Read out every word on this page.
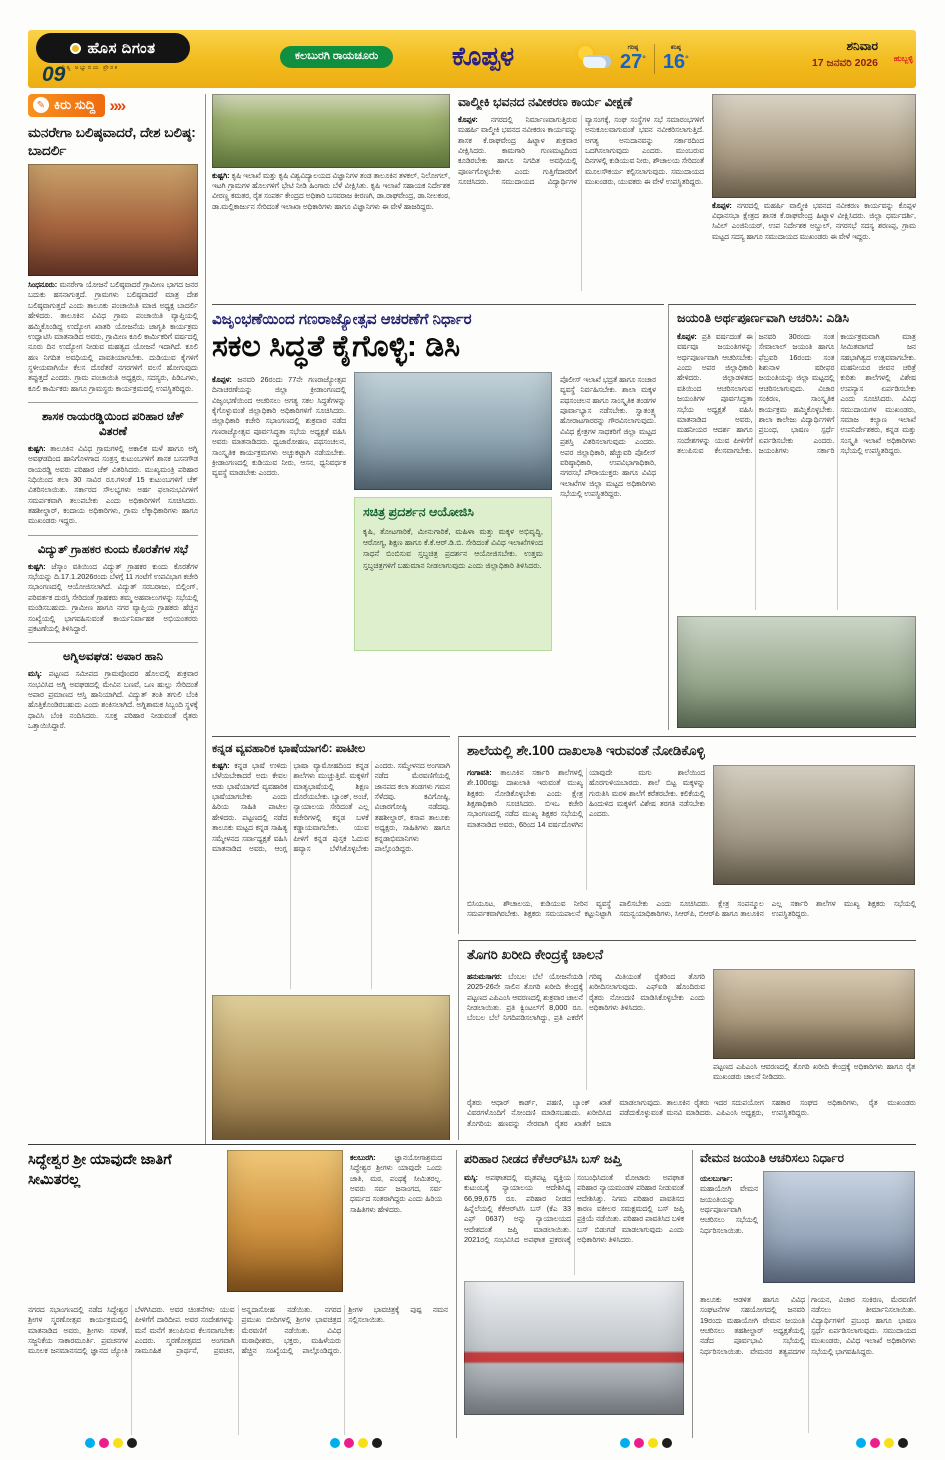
ಹೊಸ ದಿಗಂತ
ನಿತ್ಯ ಅಭ್ಯುದಯ ಪ್ರೇರಕ
09
ಕಲಬುರಗಿ ರಾಯಚೂರು	ಕೊಪ್ಪಳ	ಗರಿಷ್ಠ
27°
ಕನಿಷ್ಠ
16°
ಶನಿವಾರ
17 ಜನವರಿ 2026 ಹುಬ್ಬಳ್ಳಿ
✎ ಕಿರು ಸುದ್ದಿ »»
ಮನರೇಗಾ ಬಲಿಷ್ಠವಾದರೆ, ದೇಶ ಬಲಿಷ್ಠ: ಬಾದರ್ಲಿ

ಸಿಂಧನೂರು: ಮನರೇಗಾ ಯೋಜನೆ ಬಲಿಷ್ಠವಾದರೆ ಗ್ರಾಮೀಣ ಭಾಗದ ಜನರ ಬದುಕು ಹಸನಾಗುತ್ತದೆ. ಗ್ರಾಮಗಳು ಬಲಿಷ್ಠವಾದರೆ ಮಾತ್ರ ದೇಶ ಬಲಿಷ್ಠವಾಗುತ್ತದೆ ಎಂದು ತಾಲೂಕು ಪಂಚಾಯಿತಿ ಮಾಜಿ ಅಧ್ಯಕ್ಷ ಬಾದರ್ಲಿ ಹೇಳಿದರು. ತಾಲೂಕಿನ ವಿವಿಧ ಗ್ರಾಮ ಪಂಚಾಯಿತಿ ವ್ಯಾಪ್ತಿಯಲ್ಲಿ ಹಮ್ಮಿಕೊಂಡಿದ್ದ ಉದ್ಯೋಗ ಖಾತರಿ ಯೋಜನೆಯ ಜಾಗೃತಿ ಕಾರ್ಯಕ್ರಮ ಉದ್ಘಾಟಿಸಿ ಮಾತನಾಡಿದ ಅವರು, ಗ್ರಾಮೀಣ ಕೂಲಿ ಕಾರ್ಮಿಕರಿಗೆ ವರ್ಷದಲ್ಲಿ ನೂರು ದಿನ ಉದ್ಯೋಗ ನೀಡುವ ಮಹತ್ವದ ಯೋಜನೆ ಇದಾಗಿದೆ. ಕೂಲಿ ಹಣ ನಿಗದಿತ ಅವಧಿಯಲ್ಲಿ ಪಾವತಿಯಾಗಬೇಕು. ದುಡಿಯುವ ಕೈಗಳಿಗೆ ಸ್ಥಳೀಯವಾಗಿಯೇ ಕೆಲಸ ದೊರೆತರೆ ನಗರಗಳಿಗೆ ವಲಸೆ ಹೋಗುವುದು ತಪ್ಪುತ್ತದೆ ಎಂದರು. ಗ್ರಾಮ ಪಂಚಾಯಿತಿ ಅಧ್ಯಕ್ಷರು, ಸದಸ್ಯರು, ಪಿಡಿಒಗಳು, ಕೂಲಿ ಕಾರ್ಮಿಕರು ಹಾಗೂ ಗ್ರಾಮಸ್ಥರು ಕಾರ್ಯಕ್ರಮದಲ್ಲಿ ಉಪಸ್ಥಿತರಿದ್ದರು.

ಶಾಸಕ ರಾಯರಡ್ಡಿಯಿಂದ ಪರಿಹಾರ ಚೆಕ್ ವಿತರಣೆ

ಕುಷ್ಟಗಿ: ತಾಲೂಕಿನ ವಿವಿಧ ಗ್ರಾಮಗಳಲ್ಲಿ ಅಕಾಲಿಕ ಮಳೆ ಹಾಗೂ ಅಗ್ನಿ ಅವಘಡದಿಂದ ಹಾನಿಗೊಳಗಾದ ಸಂತ್ರಸ್ತ ಕುಟುಂಬಗಳಿಗೆ ಶಾಸಕ ಬಸನಗೌಡ ರಾಯರಡ್ಡಿ ಅವರು ಪರಿಹಾರ ಚೆಕ್ ವಿತರಿಸಿದರು. ಮುಖ್ಯಮಂತ್ರಿ ಪರಿಹಾರ ನಿಧಿಯಿಂದ ತಲಾ 30 ಸಾವಿರ ರೂ.ಗಳಂತೆ 15 ಕುಟುಂಬಗಳಿಗೆ ಚೆಕ್ ವಿತರಿಸಲಾಯಿತು. ಸರ್ಕಾರದ ಸೌಲಭ್ಯಗಳು ಅರ್ಹ ಫಲಾನುಭವಿಗಳಿಗೆ ಸಮರ್ಪಕವಾಗಿ ತಲುಪಬೇಕು ಎಂದು ಅಧಿಕಾರಿಗಳಿಗೆ ಸೂಚಿಸಿದರು. ತಹಶೀಲ್ದಾರ್, ಕಂದಾಯ ಅಧಿಕಾರಿಗಳು, ಗ್ರಾಮ ಲೆಕ್ಕಾಧಿಕಾರಿಗಳು ಹಾಗೂ ಮುಖಂಡರು ಇದ್ದರು.

ವಿದ್ಯುತ್ ಗ್ರಾಹಕರ ಕುಂದು ಕೊರತೆಗಳ ಸಭೆ

ಕುಷ್ಟಗಿ: ಜೆಸ್ಕಾಂ ವತಿಯಿಂದ ವಿದ್ಯುತ್ ಗ್ರಾಹಕರ ಕುಂದು ಕೊರತೆಗಳ ಸಭೆಯನ್ನು ದಿ.17.1.2026ರಂದು ಬೆಳಗ್ಗೆ 11 ಗಂಟೆಗೆ ಉಪವಿಭಾಗ ಕಚೇರಿ ಸಭಾಂಗಣದಲ್ಲಿ ಆಯೋಜಿಸಲಾಗಿದೆ. ವಿದ್ಯುತ್ ಸರಬರಾಜು, ಬಿಲ್ಲಿಂಗ್, ಪರಿವರ್ತಕ ದುರಸ್ತಿ ಸೇರಿದಂತೆ ಗ್ರಾಹಕರು ತಮ್ಮ ಅಹವಾಲುಗಳನ್ನು ಸಭೆಯಲ್ಲಿ ಮಂಡಿಸಬಹುದು. ಗ್ರಾಮೀಣ ಹಾಗೂ ನಗರ ವ್ಯಾಪ್ತಿಯ ಗ್ರಾಹಕರು ಹೆಚ್ಚಿನ ಸಂಖ್ಯೆಯಲ್ಲಿ ಭಾಗವಹಿಸುವಂತೆ ಕಾರ್ಯನಿರ್ವಾಹಕ ಅಭಿಯಂತರರು ಪ್ರಕಟಣೆಯಲ್ಲಿ ತಿಳಿಸಿದ್ದಾರೆ.

ಅಗ್ನಿಅವಘಡ: ಅಪಾರ ಹಾನಿ

ಮಸ್ಕಿ: ಪಟ್ಟಣದ ಸಮೀಪದ ಗ್ರಾಮವೊಂದರ ಹೊಲದಲ್ಲಿ ಶುಕ್ರವಾರ ಸಂಭವಿಸಿದ ಅಗ್ನಿ ಅವಘಡದಲ್ಲಿ ಮೇವಿನ ಬಣವೆ, ಒಣ ಹುಲ್ಲು ಸೇರಿದಂತೆ ಅಪಾರ ಪ್ರಮಾಣದ ಆಸ್ತಿ ಹಾನಿಯಾಗಿದೆ. ವಿದ್ಯುತ್ ತಂತಿ ತಗುಲಿ ಬೆಂಕಿ ಹೊತ್ತಿಕೊಂಡಿರಬಹುದು ಎಂದು ಶಂಕಿಸಲಾಗಿದೆ. ಅಗ್ನಿಶಾಮಕ ಸಿಬ್ಬಂದಿ ಸ್ಥಳಕ್ಕೆ ಧಾವಿಸಿ ಬೆಂಕಿ ನಂದಿಸಿದರು. ಸೂಕ್ತ ಪರಿಹಾರ ನೀಡುವಂತೆ ರೈತರು ಒತ್ತಾಯಿಸಿದ್ದಾರೆ.

ಕುಷ್ಟಗಿ: ಕೃಷಿ ಇಲಾಖೆ ಮತ್ತು ಕೃಷಿ ವಿಶ್ವವಿದ್ಯಾಲಯದ ವಿಜ್ಞಾನಿಗಳ ತಂಡ ತಾಲೂಕಿನ ತಳಕಲ್, ನಿಲೋಗಲ್, ಇಟಗಿ ಗ್ರಾಮಗಳ ಹೊಲಗಳಿಗೆ ಭೇಟಿ ನೀಡಿ ಹಿಂಗಾರು ಬೆಳೆ ವೀಕ್ಷಿಸಿತು. ಕೃಷಿ ಇಲಾಖೆ ಸಹಾಯಕ ನಿರ್ದೇಶಕ ವೀರಣ್ಣ ಕಮತರ, ರೈತ ಸಂಪರ್ಕ ಕೇಂದ್ರದ ಅಧಿಕಾರಿ ಬಸವರಾಜ ಕೀರಣಗಿ, ಡಾ.ರಾಘವೇಂದ್ರ, ಡಾ.ನೀಲಕಂಠ, ಡಾ.ಮಲ್ಲಿಕಾರ್ಜುನ ಸೇರಿದಂತೆ ಇಲಾಖಾ ಅಧಿಕಾರಿಗಳು ಹಾಗೂ ವಿಜ್ಞಾನಿಗಳು ಈ ವೇಳೆ ಹಾಜರಿದ್ದರು.

ವಾಲ್ಮೀಕಿ ಭವನದ ನವೀಕರಣ ಕಾರ್ಯ ವೀಕ್ಷಣೆ

ಕೊಪ್ಪಳ: ನಗರದಲ್ಲಿ ನಿರ್ಮಾಣವಾಗುತ್ತಿರುವ ಮಹರ್ಷಿ ವಾಲ್ಮೀಕಿ ಭವನದ ನವೀಕರಣ ಕಾರ್ಯವನ್ನು ಶಾಸಕ ಕೆ.ರಾಘವೇಂದ್ರ ಹಿಟ್ನಾಳ ಶುಕ್ರವಾರ ವೀಕ್ಷಿಸಿದರು. ಕಾಮಗಾರಿ ಗುಣಮಟ್ಟದಿಂದ ಕೂಡಿರಬೇಕು ಹಾಗೂ ನಿಗದಿತ ಅವಧಿಯಲ್ಲಿ ಪೂರ್ಣಗೊಳ್ಳಬೇಕು ಎಂದು ಗುತ್ತಿಗೆದಾರರಿಗೆ ಸೂಚಿಸಿದರು. ಸಮುದಾಯದ ವಿದ್ಯಾರ್ಥಿಗಳ ವ್ಯಾಸಂಗಕ್ಕೆ, ಸಂಘ ಸಂಸ್ಥೆಗಳ ಸಭೆ ಸಮಾರಂಭಗಳಿಗೆ ಅನುಕೂಲವಾಗುವಂತೆ ಭವನ ನವೀಕರಿಸಲಾಗುತ್ತಿದೆ. ಅಗತ್ಯ ಅನುದಾನವನ್ನು ಸರ್ಕಾರದಿಂದ ಒದಗಿಸಲಾಗುವುದು ಎಂದರು. ಮುಂಬರುವ ದಿನಗಳಲ್ಲಿ ಕುಡಿಯುವ ನೀರು, ಶೌಚಾಲಯ ಸೇರಿದಂತೆ ಮೂಲಸೌಕರ್ಯ ಕಲ್ಪಿಸಲಾಗುವುದು. ಸಮುದಾಯದ ಮುಖಂಡರು, ಯುವಕರು ಈ ವೇಳೆ ಉಪಸ್ಥಿತರಿದ್ದರು.

ಕೊಪ್ಪಳ: ನಗರದಲ್ಲಿ ಮಹರ್ಷಿ ವಾಲ್ಮೀಕಿ ಭವನದ ನವೀಕರಣ ಕಾರ್ಯವನ್ನು ಕೊಪ್ಪಳ ವಿಧಾನಸಭಾ ಕ್ಷೇತ್ರದ ಶಾಸಕ ಕೆ.ರಾಘವೇಂದ್ರ ಹಿಟ್ನಾಳ ವೀಕ್ಷಿಸಿದರು. ಜಿಲ್ಲಾ ಧರ್ಮದರ್ಶಿ, ಸಿವಿಲ್ ಎಂಜಿನಿಯರ್, ಉಪ ನಿರ್ದೇಶಕ ಅಬ್ದುಲ್, ನಗರಸಭೆ ಸದಸ್ಯ ಶರಣಪ್ಪ, ಗ್ರಾಮ ಮಟ್ಟದ ಸದಸ್ಯ ಹಾಗೂ ಸಮುದಾಯದ ಮುಖಂಡರು ಈ ವೇಳೆ ಇದ್ದರು.

ವಿಜೃಂಭಣೆಯಿಂದ ಗಣರಾಜ್ಯೋತ್ಸವ ಆಚರಣೆಗೆ ನಿರ್ಧಾರ
ಸಕಲ ಸಿದ್ಧತೆ ಕೈಗೊಳ್ಳಿ: ಡಿಸಿ

ಕೊಪ್ಪಳ: ಜನವರಿ 26ರಂದು 77ನೇ ಗಣರಾಜ್ಯೋತ್ಸವ ದಿನಾಚರಣೆಯನ್ನು ಜಿಲ್ಲಾ ಕ್ರೀಡಾಂಗಣದಲ್ಲಿ ವಿಜೃಂಭಣೆಯಿಂದ ಆಚರಿಸಲು ಅಗತ್ಯ ಸಕಲ ಸಿದ್ಧತೆಗಳನ್ನು ಕೈಗೊಳ್ಳುವಂತೆ ಜಿಲ್ಲಾಧಿಕಾರಿ ಅಧಿಕಾರಿಗಳಿಗೆ ಸೂಚಿಸಿದರು. ಜಿಲ್ಲಾಧಿಕಾರಿ ಕಚೇರಿ ಸಭಾಂಗಣದಲ್ಲಿ ಶುಕ್ರವಾರ ನಡೆದ ಗಣರಾಜ್ಯೋತ್ಸವ ಪೂರ್ವಸಿದ್ಧತಾ ಸಭೆಯ ಅಧ್ಯಕ್ಷತೆ ವಹಿಸಿ ಅವರು ಮಾತನಾಡಿದರು. ಧ್ವಜಾರೋಹಣ, ಪಥಸಂಚಲನ, ಸಾಂಸ್ಕೃತಿಕ ಕಾರ್ಯಕ್ರಮಗಳು ಅಚ್ಚುಕಟ್ಟಾಗಿ ನಡೆಯಬೇಕು. ಕ್ರೀಡಾಂಗಣದಲ್ಲಿ ಕುಡಿಯುವ ನೀರು, ಆಸನ, ಧ್ವನಿವರ್ಧಕ ವ್ಯವಸ್ಥೆ ಮಾಡಬೇಕು ಎಂದರು.

ಸಚಿತ್ರ ಪ್ರದರ್ಶನ ಆಯೋಜಿಸಿ

ಕೃಷಿ, ತೋಟಗಾರಿಕೆ, ಮೀನುಗಾರಿಕೆ, ಮಹಿಳಾ ಮತ್ತು ಮಕ್ಕಳ ಅಭಿವೃದ್ಧಿ, ಆರೋಗ್ಯ, ಶಿಕ್ಷಣ ಹಾಗೂ ಕೆ.ಕೆ.ಆರ್.ಡಿ.ಬಿ. ಸೇರಿದಂತೆ ವಿವಿಧ ಇಲಾಖೆಗಳಿಂದ ಸಾಧನೆ ಬಿಂಬಿಸುವ ಸ್ತಬ್ಧಚಿತ್ರ ಪ್ರದರ್ಶನ ಆಯೋಜಿಸಬೇಕು. ಉತ್ತಮ ಸ್ತಬ್ಧಚಿತ್ರಗಳಿಗೆ ಬಹುಮಾನ ನೀಡಲಾಗುವುದು ಎಂದು ಜಿಲ್ಲಾಧಿಕಾರಿ ತಿಳಿಸಿದರು.

ಪೊಲೀಸ್ ಇಲಾಖೆ ಭದ್ರತೆ ಹಾಗೂ ಸಂಚಾರ ವ್ಯವಸ್ಥೆ ನಿರ್ವಹಿಸಬೇಕು. ಶಾಲಾ ಮಕ್ಕಳ ಪಥಸಂಚಲನ ಹಾಗೂ ಸಾಂಸ್ಕೃತಿಕ ತಂಡಗಳ ಪೂರ್ವಾಭ್ಯಾಸ ನಡೆಸಬೇಕು. ಸ್ವಾತಂತ್ರ್ಯ ಹೋರಾಟಗಾರರನ್ನು ಗೌರವಿಸಲಾಗುವುದು. ವಿವಿಧ ಕ್ಷೇತ್ರಗಳ ಸಾಧಕರಿಗೆ ಜಿಲ್ಲಾ ಮಟ್ಟದ ಪ್ರಶಸ್ತಿ ವಿತರಿಸಲಾಗುವುದು ಎಂದರು. ಅಪರ ಜಿಲ್ಲಾಧಿಕಾರಿ, ಹೆಚ್ಚುವರಿ ಪೊಲೀಸ್ ವರಿಷ್ಠಾಧಿಕಾರಿ, ಉಪವಿಭಾಗಾಧಿಕಾರಿ, ನಗರಸಭೆ ಪೌರಾಯುಕ್ತರು ಹಾಗೂ ವಿವಿಧ ಇಲಾಖೆಗಳ ಜಿಲ್ಲಾ ಮಟ್ಟದ ಅಧಿಕಾರಿಗಳು ಸಭೆಯಲ್ಲಿ ಉಪಸ್ಥಿತರಿದ್ದರು.

ಜಯಂತಿ ಅರ್ಥಪೂರ್ಣವಾಗಿ ಆಚರಿಸಿ: ಎಡಿಸಿ

ಕೊಪ್ಪಳ: ಪ್ರತಿ ವರ್ಷದಂತೆ ಈ ವರ್ಷವೂ ಜಯಂತಿಗಳನ್ನು ಅರ್ಥಪೂರ್ಣವಾಗಿ ಆಚರಿಸಬೇಕು ಎಂದು ಅಪರ ಜಿಲ್ಲಾಧಿಕಾರಿ ಹೇಳಿದರು. ಜಿಲ್ಲಾಡಳಿತದ ವತಿಯಿಂದ ಆಚರಿಸಲಾಗುವ ಜಯಂತಿಗಳ ಪೂರ್ವಸಿದ್ಧತಾ ಸಭೆಯ ಅಧ್ಯಕ್ಷತೆ ವಹಿಸಿ ಮಾತನಾಡಿದ ಅವರು, ಮಹನೀಯರ ಆದರ್ಶ ಹಾಗೂ ಸಂದೇಶಗಳನ್ನು ಯುವ ಪೀಳಿಗೆಗೆ ತಲುಪಿಸುವ ಕೆಲಸವಾಗಬೇಕು. ಜನವರಿ 30ರಂದು ಸಂತ ಸೇವಾಲಾಲ್ ಜಯಂತಿ ಹಾಗೂ ಫೆಬ್ರವರಿ 16ರಂದು ಸಂತ ಶಿಶುನಾಳ ಷರೀಫರ ಜಯಂತಿಯನ್ನು ಜಿಲ್ಲಾ ಮಟ್ಟದಲ್ಲಿ ಆಚರಿಸಲಾಗುವುದು. ವಿಚಾರ ಸಂಕಿರಣ, ಸಾಂಸ್ಕೃತಿಕ ಕಾರ್ಯಕ್ರಮ ಹಮ್ಮಿಕೊಳ್ಳಬೇಕು. ಶಾಲಾ ಕಾಲೇಜು ವಿದ್ಯಾರ್ಥಿಗಳಿಗೆ ಪ್ರಬಂಧ, ಭಾಷಣ ಸ್ಪರ್ಧೆ ಏರ್ಪಡಿಸಬೇಕು ಎಂದರು. ಜಯಂತಿಗಳು ಸರ್ಕಾರಿ ಕಾರ್ಯಕ್ರಮವಾಗಿ ಮಾತ್ರ ಸೀಮಿತವಾಗದೆ ಜನ ಸಹಭಾಗಿತ್ವದ ಉತ್ಸವವಾಗಬೇಕು. ಮಹನೀಯರ ಜೀವನ ಚರಿತ್ರೆ ಕುರಿತು ಶಾಲೆಗಳಲ್ಲಿ ವಿಶೇಷ ಉಪನ್ಯಾಸ ಏರ್ಪಡಿಸಬೇಕು ಎಂದು ಸೂಚಿಸಿದರು. ವಿವಿಧ ಸಮುದಾಯಗಳ ಮುಖಂಡರು, ಸಮಾಜ ಕಲ್ಯಾಣ ಇಲಾಖೆ ಉಪನಿರ್ದೇಶಕರು, ಕನ್ನಡ ಮತ್ತು ಸಂಸ್ಕೃತಿ ಇಲಾಖೆ ಅಧಿಕಾರಿಗಳು ಸಭೆಯಲ್ಲಿ ಉಪಸ್ಥಿತರಿದ್ದರು.

ಕನ್ನಡ ವ್ಯವಹಾರಿಕ ಭಾಷೆಯಾಗಲಿ: ಪಾಟೀಲ

ಕುಷ್ಟಗಿ: ಕನ್ನಡ ಭಾಷೆ ಉಳಿದು ಬೆಳೆಯಬೇಕಾದರೆ ಅದು ಕೇವಲ ಆಡು ಭಾಷೆಯಾಗದೆ ವ್ಯವಹಾರಿಕ ಭಾಷೆಯಾಗಬೇಕು ಎಂದು ಹಿರಿಯ ಸಾಹಿತಿ ಪಾಟೀಲ ಹೇಳಿದರು. ಪಟ್ಟಣದಲ್ಲಿ ನಡೆದ ತಾಲೂಕು ಮಟ್ಟದ ಕನ್ನಡ ಸಾಹಿತ್ಯ ಸಮ್ಮೇಳನದ ಸರ್ವಾಧ್ಯಕ್ಷತೆ ವಹಿಸಿ ಮಾತನಾಡಿದ ಅವರು, ಆಂಗ್ಲ ಭಾಷಾ ವ್ಯಾಮೋಹದಿಂದ ಕನ್ನಡ ಶಾಲೆಗಳು ಮುಚ್ಚುತ್ತಿವೆ. ಮಕ್ಕಳಿಗೆ ಮಾತೃಭಾಷೆಯಲ್ಲಿ ಶಿಕ್ಷಣ ದೊರೆಯಬೇಕು. ಬ್ಯಾಂಕ್, ಅಂಚೆ, ನ್ಯಾಯಾಲಯ ಸೇರಿದಂತೆ ಎಲ್ಲ ಕಚೇರಿಗಳಲ್ಲಿ ಕನ್ನಡ ಬಳಕೆ ಕಡ್ಡಾಯವಾಗಬೇಕು. ಯುವ ಪೀಳಿಗೆ ಕನ್ನಡ ಪುಸ್ತಕ ಓದುವ ಹವ್ಯಾಸ ಬೆಳೆಸಿಕೊಳ್ಳಬೇಕು ಎಂದರು. ಸಮ್ಮೇಳನದ ಅಂಗವಾಗಿ ನಡೆದ ಮೆರವಣಿಗೆಯಲ್ಲಿ ಜಾನಪದ ಕಲಾ ತಂಡಗಳು ಗಮನ ಸೆಳೆದವು. ಕವಿಗೋಷ್ಠಿ, ವಿಚಾರಗೋಷ್ಠಿ ನಡೆದವು. ತಹಶೀಲ್ದಾರ್, ಕಸಾಪ ತಾಲೂಕು ಅಧ್ಯಕ್ಷರು, ಸಾಹಿತಿಗಳು ಹಾಗೂ ಕನ್ನಡಾಭಿಮಾನಿಗಳು ಪಾಲ್ಗೊಂಡಿದ್ದರು.

ಶಾಲೆಯಲ್ಲಿ ಶೇ.100 ದಾಖಲಾತಿ ಇರುವಂತೆ ನೋಡಿಕೊಳ್ಳಿ

ಗಂಗಾವತಿ: ತಾಲೂಕಿನ ಸರ್ಕಾರಿ ಶಾಲೆಗಳಲ್ಲಿ ಶೇ.100ರಷ್ಟು ದಾಖಲಾತಿ ಇರುವಂತೆ ಮುಖ್ಯ ಶಿಕ್ಷಕರು ನೋಡಿಕೊಳ್ಳಬೇಕು ಎಂದು ಕ್ಷೇತ್ರ ಶಿಕ್ಷಣಾಧಿಕಾರಿ ಸೂಚಿಸಿದರು. ಬಿಇಒ ಕಚೇರಿ ಸಭಾಂಗಣದಲ್ಲಿ ನಡೆದ ಮುಖ್ಯ ಶಿಕ್ಷಕರ ಸಭೆಯಲ್ಲಿ ಮಾತನಾಡಿದ ಅವರು, 6ರಿಂದ 14 ವರ್ಷದೊಳಗಿನ ಯಾವುದೇ ಮಗು ಶಾಲೆಯಿಂದ ಹೊರಗುಳಿಯಬಾರದು. ಶಾಲೆ ಬಿಟ್ಟ ಮಕ್ಕಳನ್ನು ಗುರುತಿಸಿ ಮರಳಿ ಶಾಲೆಗೆ ಕರೆತರಬೇಕು. ಕಲಿಕೆಯಲ್ಲಿ ಹಿಂದುಳಿದ ಮಕ್ಕಳಿಗೆ ವಿಶೇಷ ತರಗತಿ ನಡೆಸಬೇಕು ಎಂದರು.

ಬಿಸಿಯೂಟ, ಶೌಚಾಲಯ, ಕುಡಿಯುವ ನೀರಿನ ವ್ಯವಸ್ಥೆ ಸಮರ್ಪಕವಾಗಿರಬೇಕು. ಶಿಕ್ಷಕರು ಸಮಯಪಾಲನೆ ಕಟ್ಟುನಿಟ್ಟಾಗಿ ಪಾಲಿಸಬೇಕು ಎಂದು ಸೂಚಿಸಿದರು. ಕ್ಷೇತ್ರ ಸಂಪನ್ಮೂಲ ಸಮನ್ವಯಾಧಿಕಾರಿಗಳು, ಸಿಆರ್‌ಪಿ, ಬಿಆರ್‌ಪಿ ಹಾಗೂ ತಾಲೂಕಿನ ಎಲ್ಲ ಸರ್ಕಾರಿ ಶಾಲೆಗಳ ಮುಖ್ಯ ಶಿಕ್ಷಕರು ಸಭೆಯಲ್ಲಿ ಉಪಸ್ಥಿತರಿದ್ದರು.

ತೊಗರಿ ಖರೀದಿ ಕೇಂದ್ರಕ್ಕೆ ಚಾಲನೆ

ಹನುಮಸಾಗರ: ಬೆಂಬಲ ಬೆಲೆ ಯೋಜನೆಯಡಿ 2025-26ನೇ ಸಾಲಿನ ತೊಗರಿ ಖರೀದಿ ಕೇಂದ್ರಕ್ಕೆ ಪಟ್ಟಣದ ಎಪಿಎಂಸಿ ಆವರಣದಲ್ಲಿ ಶುಕ್ರವಾರ ಚಾಲನೆ ನೀಡಲಾಯಿತು. ಪ್ರತಿ ಕ್ವಿಂಟಲ್‌ಗೆ 8,000 ರೂ. ಬೆಂಬಲ ಬೆಲೆ ನಿಗದಿಪಡಿಸಲಾಗಿದ್ದು, ಪ್ರತಿ ಎಕರೆಗೆ ಗರಿಷ್ಠ ಮಿತಿಯಂತೆ ರೈತರಿಂದ ತೊಗರಿ ಖರೀದಿಸಲಾಗುವುದು. ಎಫ್‌ಐಡಿ ಹೊಂದಿರುವ ರೈತರು ನೋಂದಣಿ ಮಾಡಿಸಿಕೊಳ್ಳಬೇಕು ಎಂದು ಅಧಿಕಾರಿಗಳು ತಿಳಿಸಿದರು.

ಪಟ್ಟಣದ ಎಪಿಎಂಸಿ ಆವರಣದಲ್ಲಿ ತೊಗರಿ ಖರೀದಿ ಕೇಂದ್ರಕ್ಕೆ ಅಧಿಕಾರಿಗಳು ಹಾಗೂ ರೈತ ಮುಖಂಡರು ಚಾಲನೆ ನೀಡಿದರು.

ರೈತರು ಆಧಾರ್ ಕಾರ್ಡ್, ಪಹಣಿ, ಬ್ಯಾಂಕ್ ಖಾತೆ ವಿವರಗಳೊಂದಿಗೆ ನೋಂದಣಿ ಮಾಡಿಸಬಹುದು. ಖರೀದಿಸಿದ ತೊಗರಿಯ ಹಣವನ್ನು ನೇರವಾಗಿ ರೈತರ ಖಾತೆಗೆ ಜಮಾ ಮಾಡಲಾಗುವುದು. ತಾಲೂಕಿನ ರೈತರು ಇದರ ಸದುಪಯೋಗ ಪಡೆದುಕೊಳ್ಳುವಂತೆ ಮನವಿ ಮಾಡಿದರು. ಎಪಿಎಂಸಿ ಅಧ್ಯಕ್ಷರು, ಸಹಕಾರ ಸಂಘದ ಅಧಿಕಾರಿಗಳು, ರೈತ ಮುಖಂಡರು ಉಪಸ್ಥಿತರಿದ್ದರು.

ಸಿದ್ಧೇಶ್ವರ ಶ್ರೀ ಯಾವುದೇ ಜಾತಿಗೆ ಸೀಮಿತರಲ್ಲ

ಕಲಬುರಗಿ:	ಜ್ಞಾನಯೋಗಾಶ್ರಮದ ಸಿದ್ಧೇಶ್ವರ ಶ್ರೀಗಳು ಯಾವುದೇ ಒಂದು ಜಾತಿ, ಮಠ, ಪಂಥಕ್ಕೆ ಸೀಮಿತರಲ್ಲ. ಅವರು ಸರ್ವ ಜನಾಂಗದ, ಸರ್ವ ಧರ್ಮದ ಸಂತರಾಗಿದ್ದರು ಎಂದು ಹಿರಿಯ ಸಾಹಿತಿಗಳು ಹೇಳಿದರು.

ನಗರದ ಸಭಾಂಗಣದಲ್ಲಿ ನಡೆದ ಸಿದ್ಧೇಶ್ವರ ಶ್ರೀಗಳ ಸ್ಮರಣೋತ್ಸವ ಕಾರ್ಯಕ್ರಮದಲ್ಲಿ ಮಾತನಾಡಿದ ಅವರು, ಶ್ರೀಗಳು ಸರಳತೆ, ಸಜ್ಜನಿಕೆಯ ಸಾಕಾರಮೂರ್ತಿ. ಪ್ರವಚನಗಳ ಮೂಲಕ ಜನಮಾನಸದಲ್ಲಿ ಜ್ಞಾನದ ಜ್ಯೋತಿ ಬೆಳಗಿಸಿದರು. ಅವರ ಚಿಂತನೆಗಳು ಯುವ ಪೀಳಿಗೆಗೆ ದಾರಿದೀಪ. ಅವರ ಸಂದೇಶಗಳನ್ನು ಮನೆ ಮನೆಗೆ ತಲುಪಿಸುವ ಕೆಲಸವಾಗಬೇಕು ಎಂದರು. ಸ್ಮರಣೋತ್ಸವದ ಅಂಗವಾಗಿ ಸಾಮೂಹಿಕ ಪ್ರಾರ್ಥನೆ, ಪ್ರವಚನ, ಅನ್ನದಾಸೋಹ ನಡೆಯಿತು. ನಗರದ ಪ್ರಮುಖ ಬೀದಿಗಳಲ್ಲಿ ಶ್ರೀಗಳ ಭಾವಚಿತ್ರದ ಮೆರವಣಿಗೆ ನಡೆಯಿತು. ವಿವಿಧ ಮಠಾಧೀಶರು, ಭಕ್ತರು, ಮಹಿಳೆಯರು ಹೆಚ್ಚಿನ ಸಂಖ್ಯೆಯಲ್ಲಿ ಪಾಲ್ಗೊಂಡಿದ್ದರು. ಶ್ರೀಗಳ ಭಾವಚಿತ್ರಕ್ಕೆ ಪುಷ್ಪ ನಮನ ಸಲ್ಲಿಸಲಾಯಿತು.

ಪರಿಹಾರ ನೀಡದ ಕೆಕೆಆರ್‌ಟಿಸಿ ಬಸ್ ಜಪ್ತಿ

ಮಸ್ಕಿ: ಅಪಘಾತದಲ್ಲಿ ಮೃತಪಟ್ಟ ವ್ಯಕ್ತಿಯ ಕುಟುಂಬಕ್ಕೆ ನ್ಯಾಯಾಲಯ ಆದೇಶಿಸಿದ್ದ 66,99,675 ರೂ. ಪರಿಹಾರ ನೀಡದ ಹಿನ್ನೆಲೆಯಲ್ಲಿ ಕೆಕೆಆರ್‌ಟಿಸಿ ಬಸ್ (ಕೆಎ 33 ಎಫ್ 0637) ಅನ್ನು ನ್ಯಾಯಾಲಯದ ಆದೇಶದಂತೆ ಜಪ್ತಿ ಮಾಡಲಾಯಿತು. 2021ರಲ್ಲಿ ಸಂಭವಿಸಿದ ಅಪಘಾತ ಪ್ರಕರಣಕ್ಕೆ ಸಂಬಂಧಿಸಿದಂತೆ ಮೋಟಾರು ಅಪಘಾತ ಪರಿಹಾರ ನ್ಯಾಯಮಂಡಳಿ ಪರಿಹಾರ ನೀಡುವಂತೆ ಆದೇಶಿಸಿತ್ತು. ನಿಗಮ ಪರಿಹಾರ ಪಾವತಿಸದ ಕಾರಣ ವಕೀಲರ ಸಮಕ್ಷಮದಲ್ಲಿ ಬಸ್ ಜಪ್ತಿ ಪ್ರಕ್ರಿಯೆ ನಡೆಯಿತು. ಪರಿಹಾರ ಪಾವತಿಸಿದ ಬಳಿಕ ಬಸ್ ಬಿಡುಗಡೆ ಮಾಡಲಾಗುವುದು ಎಂದು ಅಧಿಕಾರಿಗಳು ತಿಳಿಸಿದರು.

ವೇಮನ ಜಯಂತಿ ಆಚರಿಸಲು ನಿರ್ಧಾರ

ಯಲಬುರ್ಗಾ: ಮಹಾಯೋಗಿ ವೇಮನ ಜಯಂತಿಯನ್ನು ಅರ್ಥಪೂರ್ಣವಾಗಿ ಆಚರಿಸಲು ಸಭೆಯಲ್ಲಿ ನಿರ್ಧರಿಸಲಾಯಿತು.

ತಾಲೂಕು ಆಡಳಿತ ಹಾಗೂ ವಿವಿಧ ಸಂಘಟನೆಗಳ ಸಹಯೋಗದಲ್ಲಿ ಜನವರಿ 19ರಂದು ಮಹಾಯೋಗಿ ವೇಮನ ಜಯಂತಿ ಆಚರಿಸಲು ತಹಶೀಲ್ದಾರ್ ಅಧ್ಯಕ್ಷತೆಯಲ್ಲಿ ನಡೆದ ಪೂರ್ವಭಾವಿ ಸಭೆಯಲ್ಲಿ ನಿರ್ಧರಿಸಲಾಯಿತು. ವೇಮನರ ತತ್ವಪದಗಳ ಗಾಯನ, ವಿಚಾರ ಸಂಕಿರಣ, ಮೆರವಣಿಗೆ ನಡೆಸಲು ತೀರ್ಮಾನಿಸಲಾಯಿತು. ವಿದ್ಯಾರ್ಥಿಗಳಿಗೆ ಪ್ರಬಂಧ ಹಾಗೂ ಭಾಷಣ ಸ್ಪರ್ಧೆ ಏರ್ಪಡಿಸಲಾಗುವುದು. ಸಮುದಾಯದ ಮುಖಂಡರು, ವಿವಿಧ ಇಲಾಖೆ ಅಧಿಕಾರಿಗಳು ಸಭೆಯಲ್ಲಿ ಭಾಗವಹಿಸಿದ್ದರು.
